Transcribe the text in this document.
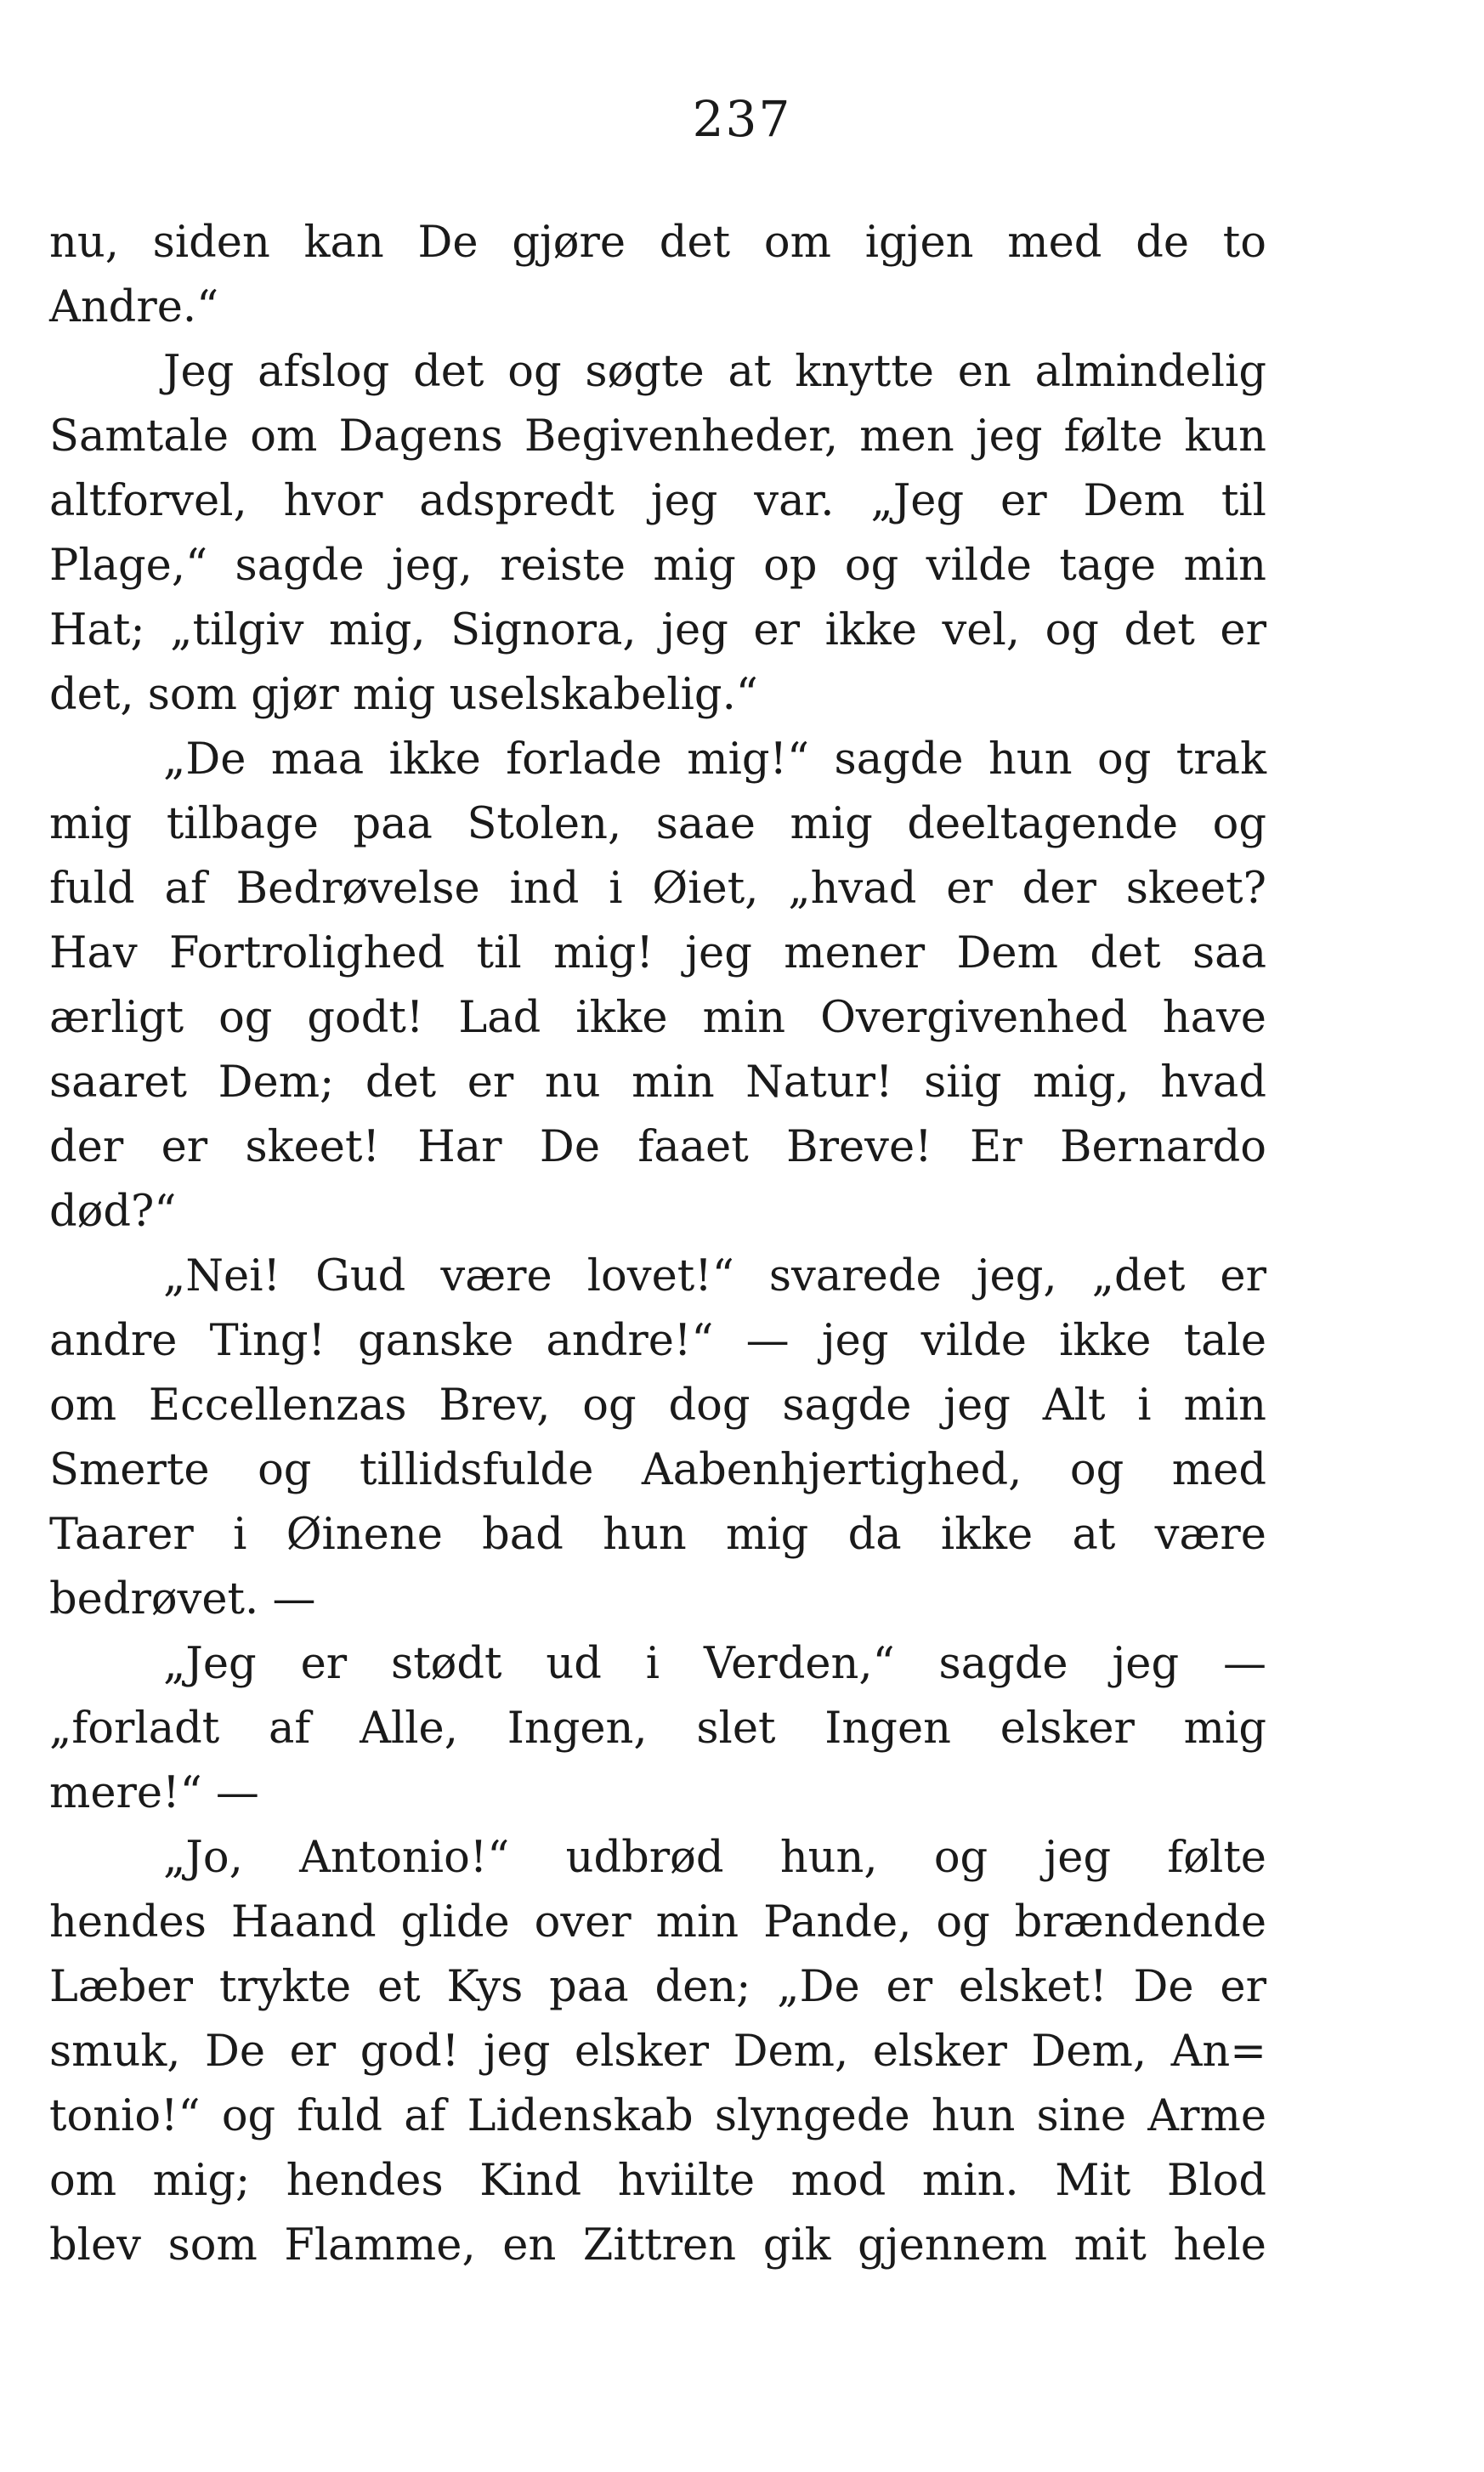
237
nu, siden kan De gjøre det om igjen med de to
Andre.“
Jeg afslog det og søgte at knytte en almindelig
Samtale om Dagens Begivenheder, men jeg følte kun
altforvel, hvor adspredt jeg var. „Jeg er Dem til
Plage,“ sagde jeg, reiste mig op og vilde tage min
Hat; „tilgiv mig, Signora, jeg er ikke vel, og det er
det, som gjør mig uselskabelig.“
„De maa ikke forlade mig!“ sagde hun og trak
mig tilbage paa Stolen, saae mig deeltagende og
fuld af Bedrøvelse ind i Øiet, „hvad er der skeet?
Hav Fortrolighed til mig! jeg mener Dem det saa
ærligt og godt! Lad ikke min Overgivenhed have
saaret Dem; det er nu min Natur! siig mig, hvad
der er skeet! Har De faaet Breve! Er Bernardo
død?“
„Nei! Gud være lovet!“ svarede jeg, „det er
andre Ting! ganske andre!“ — jeg vilde ikke tale
om Eccellenzas Brev, og dog sagde jeg Alt i min
Smerte og tillidsfulde Aabenhjertighed, og med
Taarer i Øinene bad hun mig da ikke at være
bedrøvet. —
„Jeg er stødt ud i Verden,“ sagde jeg —
„forladt af Alle, Ingen, slet Ingen elsker mig
mere!“ —
„Jo, Antonio!“ udbrød hun, og jeg følte
hendes Haand glide over min Pande, og brændende
Læber trykte et Kys paa den; „De er elsket! De er
smuk, De er god! jeg elsker Dem, elsker Dem, An=
tonio!“ og fuld af Lidenskab slyngede hun sine Arme
om mig; hendes Kind hviilte mod min. Mit Blod
blev som Flamme, en Zittren gik gjennem mit hele
